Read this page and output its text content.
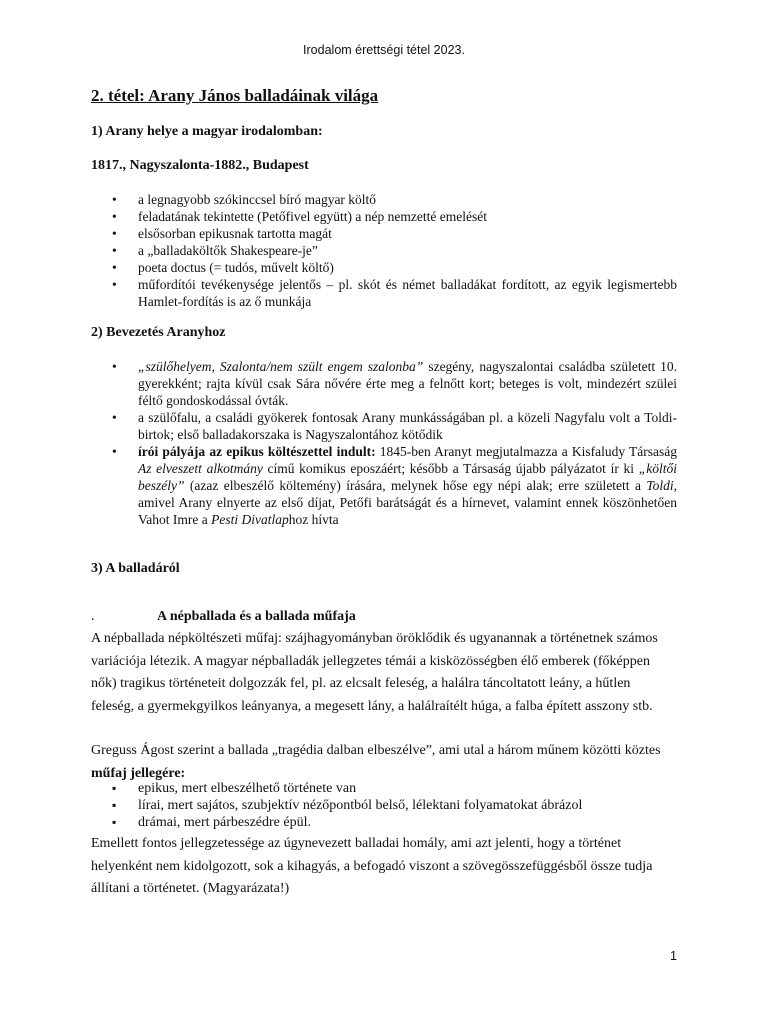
Irodalom érettségi tétel 2023.
2. tétel: Arany János balladáinak világa
1) Arany helye a magyar irodalomban:
1817., Nagyszalonta-1882., Budapest
• a legnagyobb szókinccsel bíró magyar költő
• feladatának tekintette (Petőfivel együtt) a nép nemzetté emelését
• elsősorban epikusnak tartotta magát
• a „balladaköltők Shakespeare-je”
• poeta doctus (= tudós, művelt költő)
• műfordítói tevékenysége jelentős – pl. skót és német balladákat fordított, az egyik legismertebb Hamlet-fordítás is az ő munkája
2) Bevezetés Aranyhoz
• „szülőhelyem, Szalonta/nem szült engem szalonba” szegény, nagyszalontai családba született 10. gyerekként; rajta kívül csak Sára nővére érte meg a felnőtt kort; beteges is volt, mindezért szülei féltő gondoskodással óvták.
• a szülőfalu, a családi gyökerek fontosak Arany munkásságában pl. a közeli Nagyfalu volt a Toldi-birtok; első balladakorszaka is Nagyszalontához kötődik
• írói pályája az epikus költészettel indult: 1845-ben Aranyt megjutalmazza a Kisfaludy Társaság Az elveszett alkotmány című komikus eposzáért; később a Társaság újabb pályázatot ír ki „költői beszély” (azaz elbeszélő költemény) írására, melynek hőse egy népi alak; erre született a Toldi, amivel Arany elnyerte az első díjat, Petőfi barátságát és a hírnevet, valamint ennek köszönhetően Vahot Imre a Pesti Divatlaphoz hívta
3) A balladáról
.	A népballada és a ballada műfaja

A népballada népköltészeti műfaj: szájhagyományban öröklődik és ugyanannak a történetnek számos variációja létezik. A magyar népballadák jellegzetes témái a kisközösségben élő emberek (főképpen nők) tragikus történeteit dolgozzák fel, pl. az elcsalt feleség, a halálra táncoltatott leány, a hűtlen feleség, a gyermekgyilkos leányanya, a megesett lány, a halálraítélt húga, a falba épített asszony stb.

Greguss Ágost szerint a ballada „tragédia dalban elbeszélve”, ami utal a három műnem közötti köztes műfaj jellegére:

▪ epikus, mert elbeszélhető története van
▪ lírai, mert sajátos, szubjektív nézőpontból belső, lélektani folyamatokat ábrázol
▪ drámai, mert párbeszédre épül.

Emellett fontos jellegzetessége az úgynevezett balladai homály, ami azt jelenti, hogy a történet helyenként nem kidolgozott, sok a kihagyás, a befogadó viszont a szövegösszefüggésből össze tudja állítani a történetet. (Magyarázata!)

1
